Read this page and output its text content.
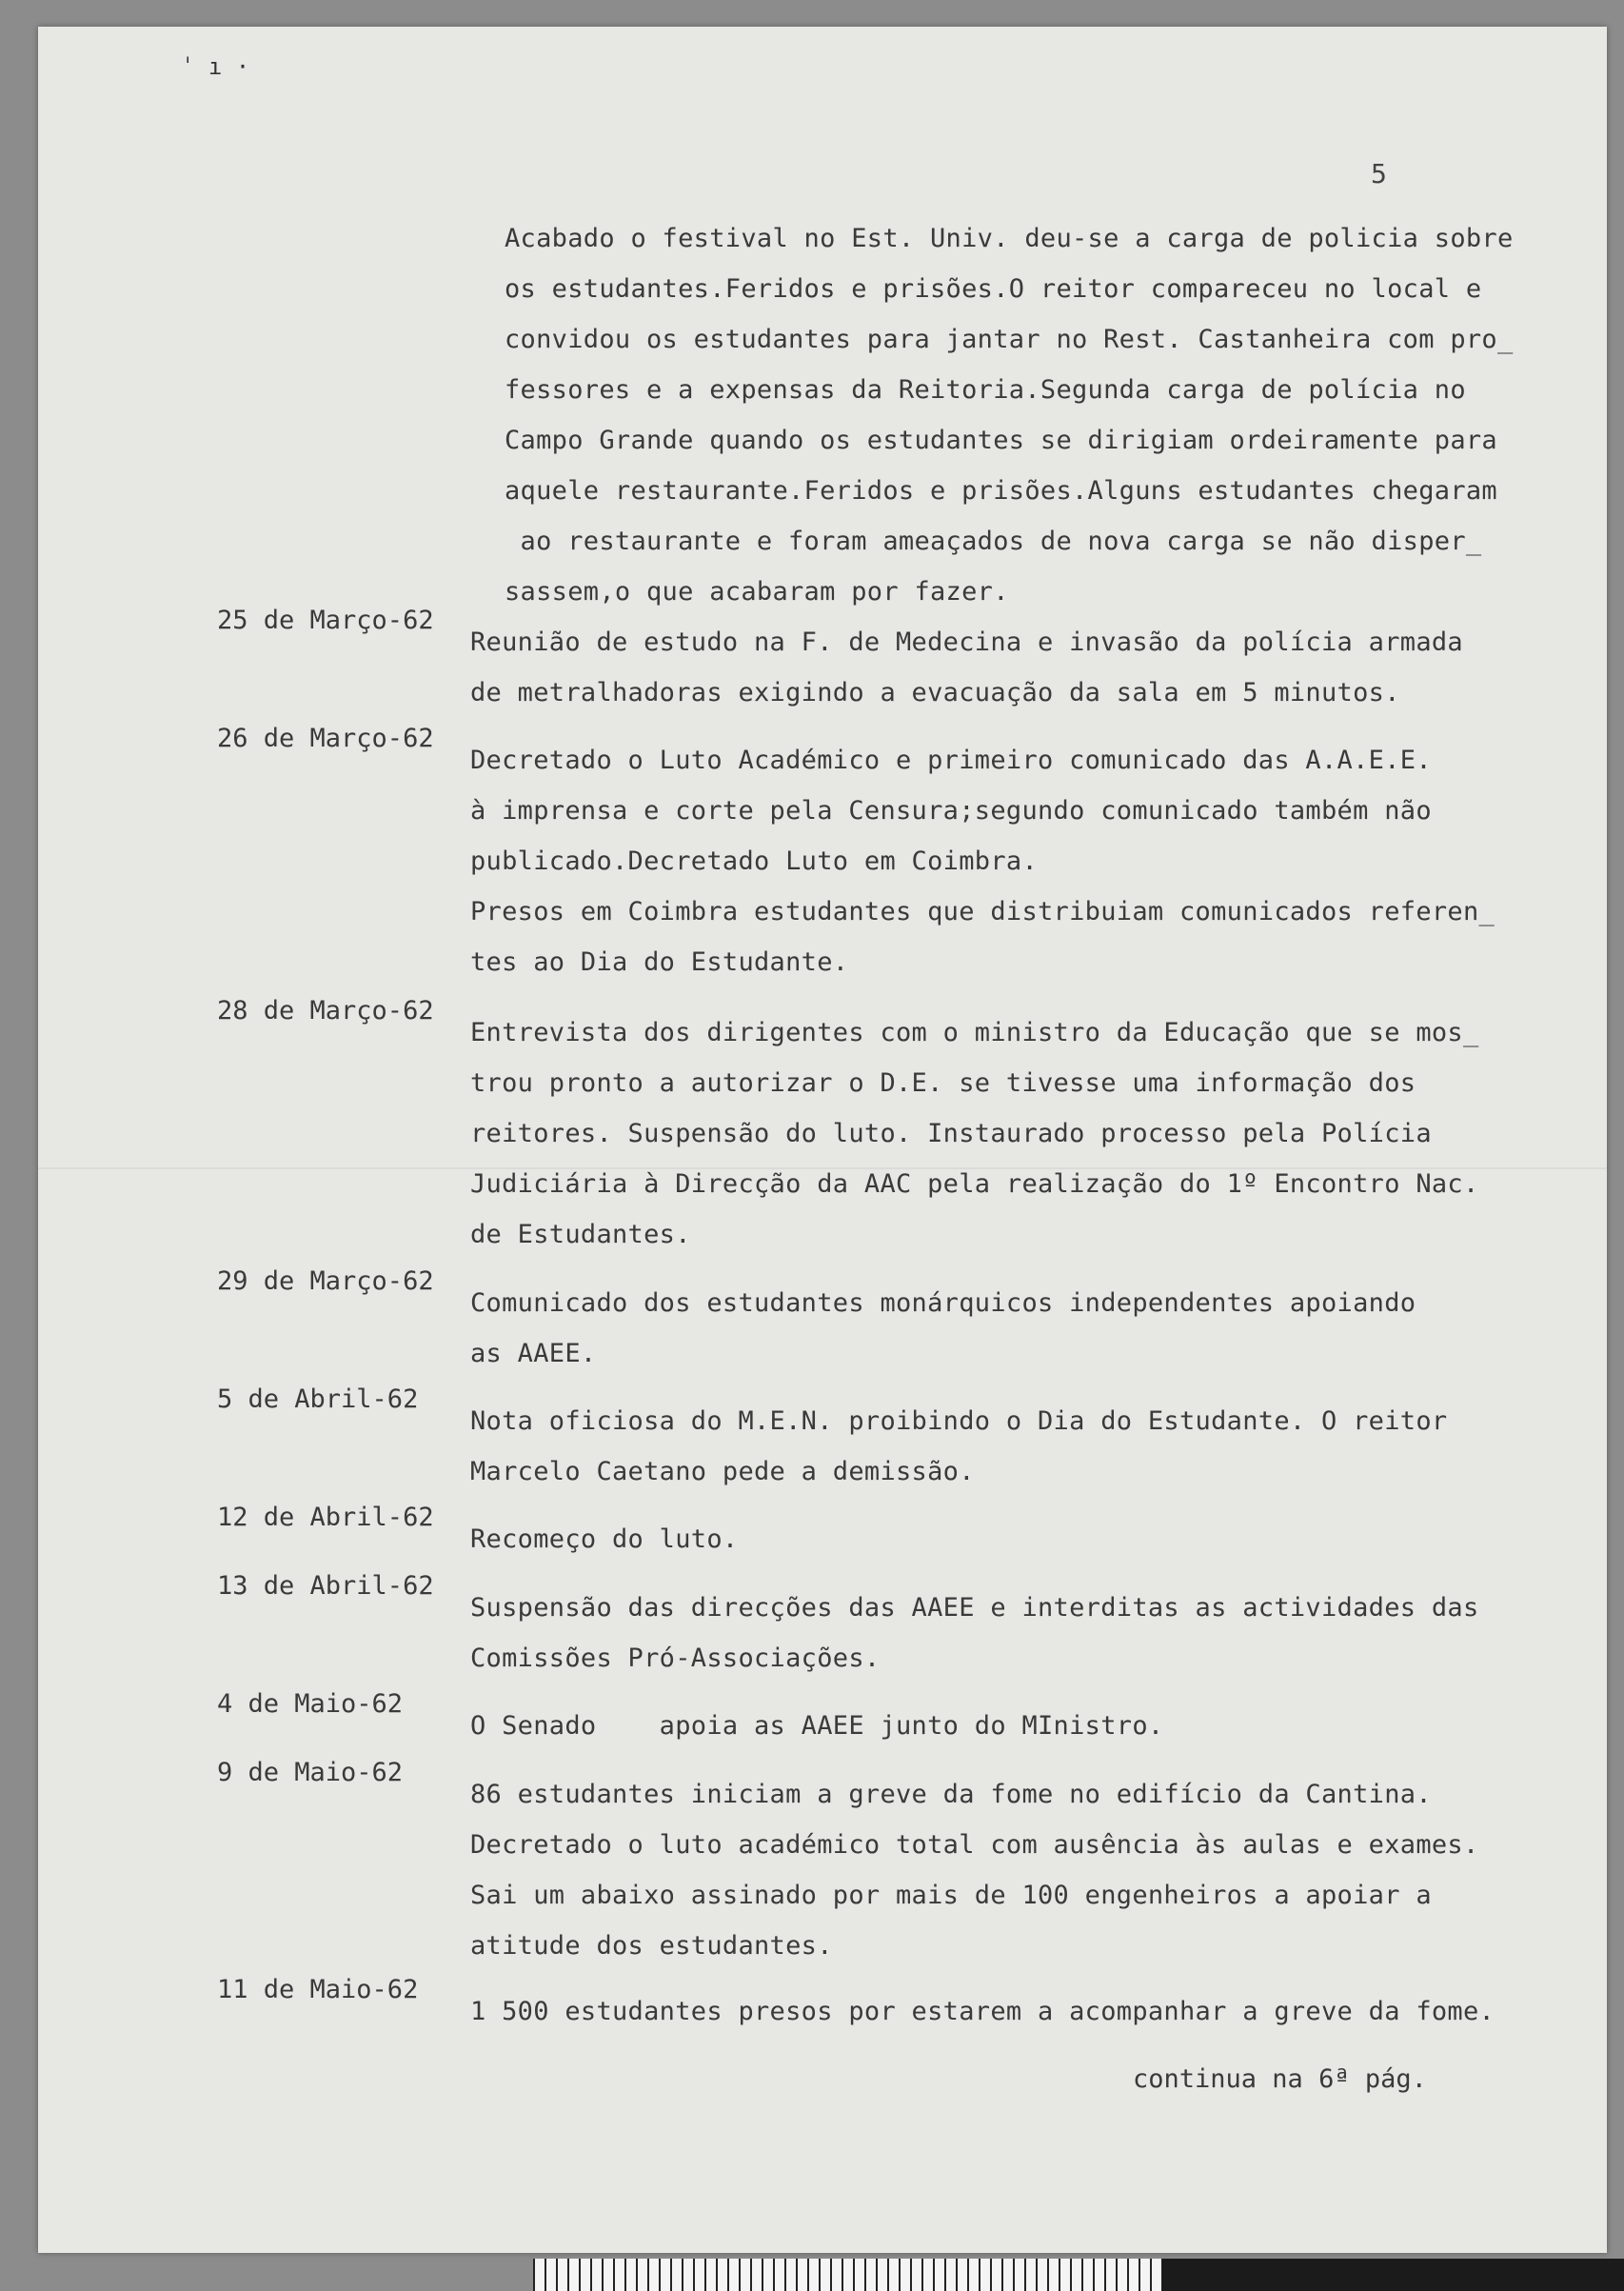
ˈ ı ·
5
Acabado o festival no Est. Univ. deu-se a carga de policia sobre
os estudantes.Feridos e prisões.O reitor compareceu no local e
convidou os estudantes para jantar no Rest. Castanheira com pro_
fessores e a expensas da Reitoria.Segunda carga de polícia no
Campo Grande quando os estudantes se dirigiam ordeiramente para
aquele restaurante.Feridos e prisões.Alguns estudantes chegaram
ao restaurante e foram ameaçados de nova carga se não disper_
sassem,o que acabaram por fazer.
25 de Março-62
Reunião de estudo na F. de Medecina e invasão da polícia armada
de metralhadoras exigindo a evacuação da sala em 5 minutos.
26 de Março-62
Decretado o Luto Académico e primeiro comunicado das A.A.E.E.
à imprensa e corte pela Censura;segundo comunicado também não
publicado.Decretado Luto em Coimbra.
Presos em Coimbra estudantes que distribuiam comunicados referen_
tes ao Dia do Estudante.
28 de Março-62
Entrevista dos dirigentes com o ministro da Educação que se mos_
trou pronto a autorizar o D.E. se tivesse uma informação dos
reitores. Suspensão do luto. Instaurado processo pela Polícia
Judiciária à Direcção da AAC pela realização do 1º Encontro Nac.
de Estudantes.
29 de Março-62
Comunicado dos estudantes monárquicos independentes apoiando
as AAEE.
5 de Abril-62
Nota oficiosa do M.E.N. proibindo o Dia do Estudante. O reitor
Marcelo Caetano pede a demissão.
12 de Abril-62
Recomeço do luto.
13 de Abril-62
Suspensão das direcções das AAEE e interditas as actividades das
Comissões Pró-Associações.
4 de Maio-62
O Senado    apoia as AAEE junto do MInistro.
9 de Maio-62
86 estudantes iniciam a greve da fome no edifício da Cantina.
Decretado o luto académico total com ausência às aulas e exames.
Sai um abaixo assinado por mais de 100 engenheiros a apoiar a
atitude dos estudantes.
11 de Maio-62
1 500 estudantes presos por estarem a acompanhar a greve da fome.
continua na 6ª pág.
